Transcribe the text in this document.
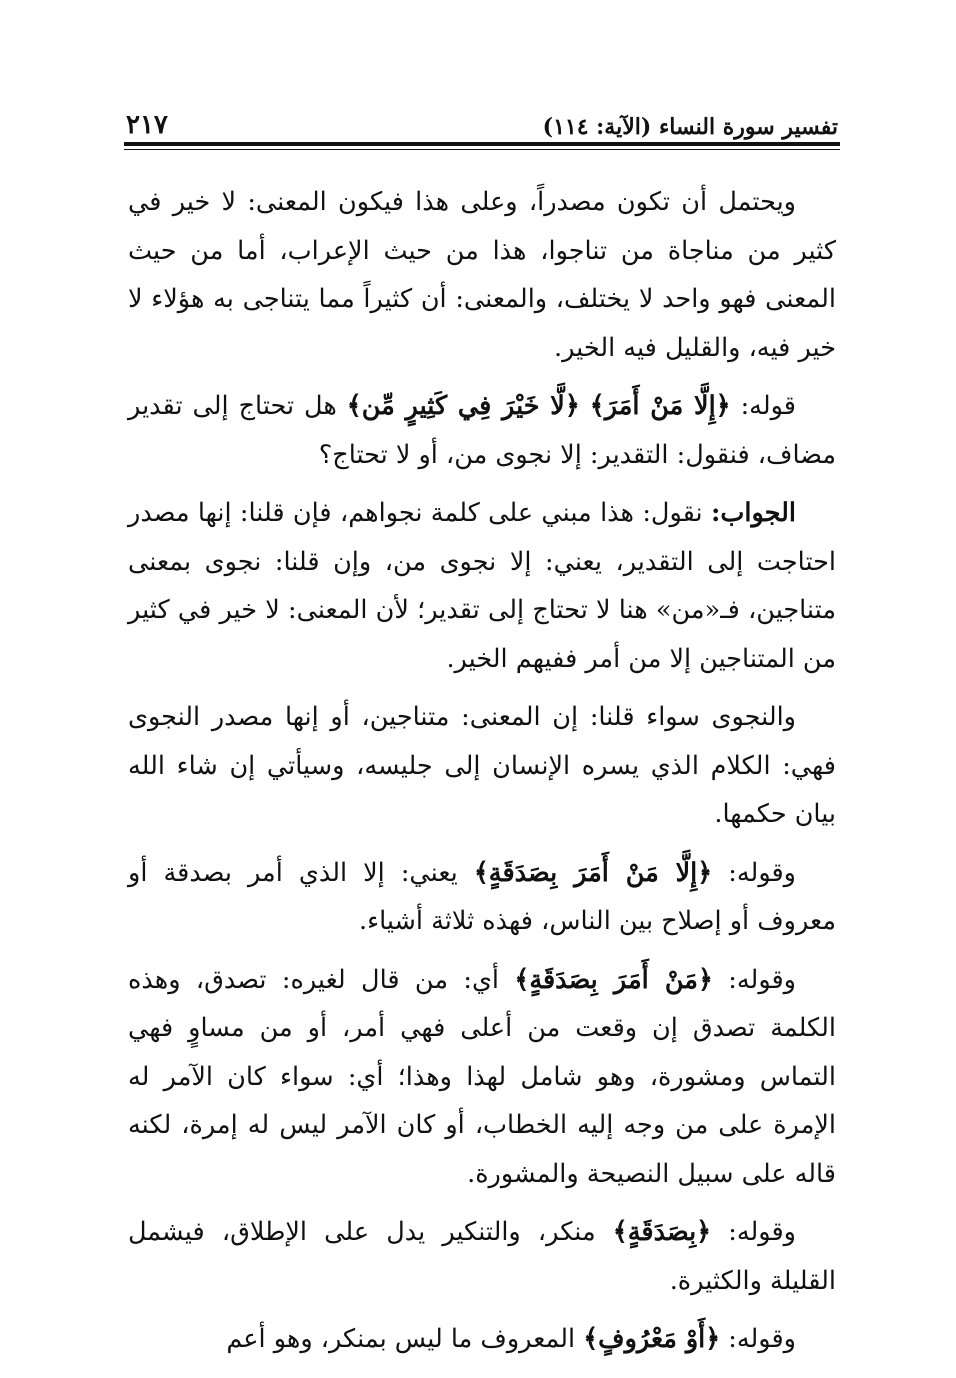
تفسير سورة النساء (الآية: ١١٤)
٢١٧

ويحتمل أن تكون مصدراً، وعلى هذا فيكون المعنى: لا خير في كثير من مناجاة من تناجوا، هذا من حيث الإعراب، أما من حيث المعنى فهو واحد لا يختلف، والمعنى: أن كثيراً مما يتناجى به هؤلاء لا خير فيه، والقليل فيه الخير.

قوله: ﴿إِلَّا مَنْ أَمَرَ﴾ ﴿لَّا خَيْرَ فِي كَثِيرٍ مِّن﴾ هل تحتاج إلى تقدير مضاف، فنقول: التقدير: إلا نجوى من، أو لا تحتاج؟

الجواب: نقول: هذا مبني على كلمة نجواهم، فإن قلنا: إنها مصدر احتاجت إلى التقدير، يعني: إلا نجوى من، وإن قلنا: نجوى بمعنى متناجين، فـ«من» هنا لا تحتاج إلى تقدير؛ لأن المعنى: لا خير في كثير من المتناجين إلا من أمر ففيهم الخير.

والنجوى سواء قلنا: إن المعنى: متناجين، أو إنها مصدر النجوى فهي: الكلام الذي يسره الإنسان إلى جليسه، وسيأتي إن شاء الله بيان حكمها.

وقوله: ﴿إِلَّا مَنْ أَمَرَ بِصَدَقَةٍ﴾ يعني: إلا الذي أمر بصدقة أو معروف أو إصلاح بين الناس، فهذه ثلاثة أشياء.

وقوله: ﴿مَنْ أَمَرَ بِصَدَقَةٍ﴾ أي: من قال لغيره: تصدق، وهذه الكلمة تصدق إن وقعت من أعلى فهي أمر، أو من مساوٍ فهي التماس ومشورة، وهو شامل لهذا وهذا؛ أي: سواء كان الآمر له الإمرة على من وجه إليه الخطاب، أو كان الآمر ليس له إمرة، لكنه قاله على سبيل النصيحة والمشورة.

وقوله: ﴿بِصَدَقَةٍ﴾ منكر، والتنكير يدل على الإطلاق، فيشمل القليلة والكثيرة.

وقوله: ﴿أَوْ مَعْرُوفٍ﴾ المعروف ما ليس بمنكر، وهو أعم
